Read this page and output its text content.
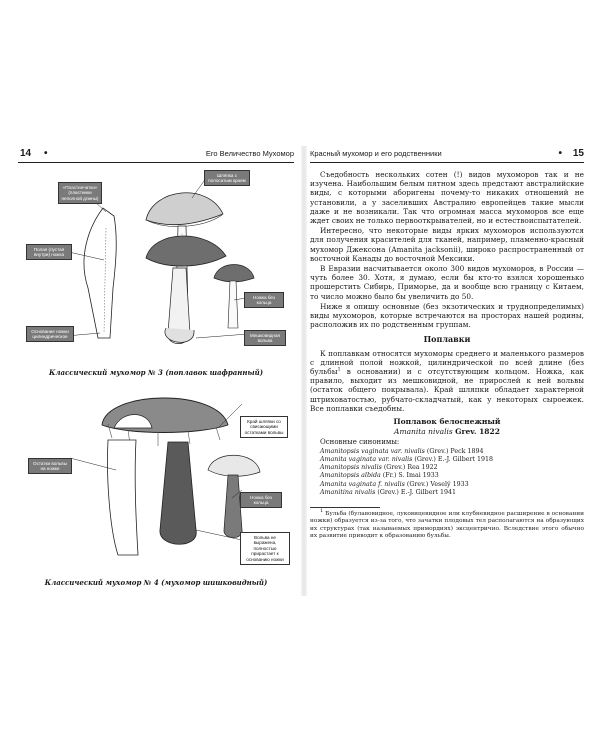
14 •	Его Величество Мухомор
«Пластинчатки» (пластинки неполной длины)
Шляпка с полосатым краем
Полая (пустая внутри) ножка
Ножка без кольца
Основание ножки цилиндрическое	Мешковидная вольва
Классический мухомор № 3 (поплавок шафранный)
Край шляпки со свисающими остатками вольвы
Остатки вольвы на ножке
Ножка без кольца
Вольва не выражена, полностью прирастает к основанию ножки
Классический мухомор № 4 (мухомор шишковидный)
Красный мухомор и его родственники	• 15

Съедобность нескольких сотен (!) видов мухоморов так и не изучена. Наибольшим белым пятном здесь предстают австралийские виды, с которыми аборигены почему-то никаких отношений не установили, а у заселивших Австралию европейцев такие мысли даже и не возникали. Так что огромная масса мухоморов все еще ждет своих не только первооткрывателей, но и естествоиспытателей.

Интересно, что некоторые виды ярких мухоморов используются для получения красителей для тканей, например, пламенно-красный мухомор Джексона (Amanita jacksonii), широко распространенный от восточной Канады до восточной Мексики.

В Евразии насчитывается около 300 видов мухоморов, в России — чуть более 30. Хотя, я думаю, если бы кто-то взялся хорошенько прошерстить Сибирь, Приморье, да и вообще всю границу с Китаем, то число можно было бы увеличить до 50.

Ниже я опишу основные (без экзотических и труднопределимых) виды мухоморов, которые встречаются на просторах нашей родины, расположив их по родственным группам.

Поплавки

К поплавкам относятся мухоморы среднего и маленького размеров с длинной полой ножкой, цилиндрической по всей длине (без бульбы$^1$ в основании) и с отсутствующим кольцом. Ножка, как правило, выходит из мешковидной, не прирослей к ней вольвы (остаток общего покрывала). Край шляпки обладает характерной штриховатостью, рубчато-складчатый, как у некоторых сыроежек. Все поплавки съедобны.

Поплавок белоснежный
Amanita nivalis Grev. 1822
Основные синонимы:
Amanitopsis vaginata var. nivalis (Grev.) Peck 1894
Amanita vaginata var. nivalis (Grev.) E.-J. Gilbert 1918
Amanitopsis nivalis (Grev.) Rea 1922
Amanitopsis albida (Fr.) S. Imai 1933
Amanita vaginata f. nivalis (Grev.) Veselý 1933
Amanitina nivalis (Grev.) E.-J. Gilbert 1941
$^1$ Бульба (булавовидное, луковицевидное или клубневидное расширение в основании ножки) образуется из-за того, что зачатки плодовых тел располагаются на образующих их структурах (так называемых примордиях) эксцентрично. Вследствие этого обычно их развитие приводит к образованию бульбы.
